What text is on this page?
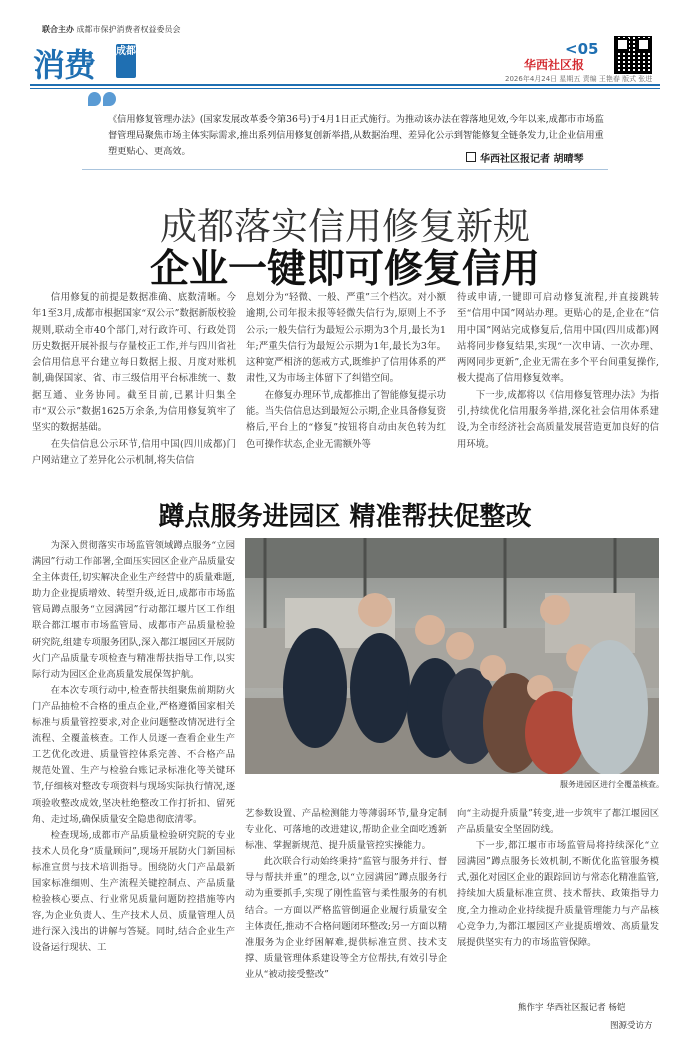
联合主办 成都市保护消费者权益委员会
消费 成都	<05
华西社区报
2026年4月24日 星期五 责编 王艳春 版式 张进
《信用修复管理办法》(国家发展改革委令第36号)于4月1日正式施行。为推动该办法在蓉落地见效,今年以来,成都市市场监督管理局聚焦市场主体实际需求,推出系列信用修复创新举措,从数据治理、差异化公示到智能修复全链条发力,让企业信用重塑更贴心、更高效。
华西社区报记者 胡晴琴
成都落实信用修复新规
企业一键即可修复信用

信用修复的前提是数据准确、底数清晰。今年1至3月,成都市根据国家“双公示”数据新版校验规则,联动全市40个部门,对行政许可、行政处罚历史数据开展补报与存量校正工作,并与四川省社会信用信息平台建立每日数据上报、月度对账机制,确保国家、省、市三级信用平台标准统一、数据互通、业务协同。截至目前,已累计归集全市“双公示”数据1625万余条,为信用修复筑牢了坚实的数据基础。

在失信信息公示环节,信用中国(四川成都)门户网站建立了差异化公示机制,将失信信

息划分为“轻微、一般、严重”三个档次。对小额逾期,公司年报未报等轻微失信行为,原则上不予公示;一般失信行为最短公示期为3个月,最长为1年;严重失信行为最短公示期为1年,最长为3年。这种宽严相济的惩戒方式,既维护了信用体系的严肃性,又为市场主体留下了纠错空间。

在修复办理环节,成都推出了智能修复提示功能。当失信信息达到最短公示期,企业具备修复资格后,平台上的“修复”按钮将自动由灰色转为红色可操作状态,企业无需额外等

待或申请,一键即可启动修复流程,并直接跳转至“信用中国”网站办理。更贴心的是,企业在“信用中国”网站完成修复后,信用中国(四川成都)网站将同步修复结果,实现“一次申请、一次办理、两网同步更新”,企业无需在多个平台间重复操作,极大提高了信用修复效率。

下一步,成都将以《信用修复管理办法》为指引,持续优化信用服务举措,深化社会信用体系建设,为全市经济社会高质量发展营造更加良好的信用环境。

蹲点服务进园区 精准帮扶促整改

为深入贯彻落实市场监管领域蹲点服务“立园满园”行动工作部署,全面压实园区企业产品质量安全主体责任,切实解决企业生产经营中的质量难题,助力企业提质增效、转型升级,近日,成都市市场监管局蹲点服务“立园满园”行动都江堰片区工作组联合都江堰市市场监管局、成都市产品质量检验研究院,组建专项服务团队,深入都江堰园区开展防火门产品质量专项检查与精准帮扶指导工作,以实际行动为园区企业高质量发展保驾护航。

在本次专项行动中,检查帮扶组聚焦前期防火门产品抽检不合格的重点企业,严格遵循国家相关标准与质量管控要求,对企业问题整改情况进行全流程、全覆盖核查。工作人员逐一查看企业生产工艺优化改进、质量管控体系完善、不合格产品规范处置、生产与检验台账记录标准化等关键环节,仔细核对整改专项资料与现场实际执行情况,逐项验收整改成效,坚决杜绝整改工作打折扣、留死角、走过场,确保质量安全隐患彻底清零。

检查现场,成都市产品质量检验研究院的专业技术人员化身“质量顾问”,现场开展防火门新国标标准宣贯与技术培训指导。围绕防火门产品最新国家标准细则、生产流程关键控制点、产品质量检验核心要点、行业常见质量问题防控措施等内容,为企业负责人、生产技术人员、质量管理人员进行深入浅出的讲解与答疑。同时,结合企业生产设备运行现状、工

服务进园区进行全覆盖核查。

艺参数设置、产品检测能力等薄弱环节,量身定制专业化、可落地的改进建议,帮助企业全面吃透新标准、掌握新规范、提升质量管控实操能力。

此次联合行动始终秉持“监管与服务并行、督导与帮扶并重”的理念,以“立园满园”蹲点服务行动为重要抓手,实现了刚性监管与柔性服务的有机结合。一方面以严格监管倒逼企业履行质量安全主体责任,推动不合格问题闭环整改;另一方面以精准服务为企业纾困解难,提供标准宣贯、技术支撑、质量管理体系建设等全方位帮扶,有效引导企业从“被动接受整改”

向“主动提升质量”转变,进一步筑牢了都江堰园区产品质量安全坚固防线。

下一步,都江堰市市场监管局将持续深化“立园满园”蹲点服务长效机制,不断优化监管服务模式,强化对园区企业的跟踪回访与常态化精准监管,持续加大质量标准宣贯、技术帮扶、政策指导力度,全力推动企业持续提升质量管理能力与产品核心竞争力,为都江堰园区产业提质增效、高质量发展提供坚实有力的市场监管保障。

熊作宇 华西社区报记者 杨铠
图源受访方
